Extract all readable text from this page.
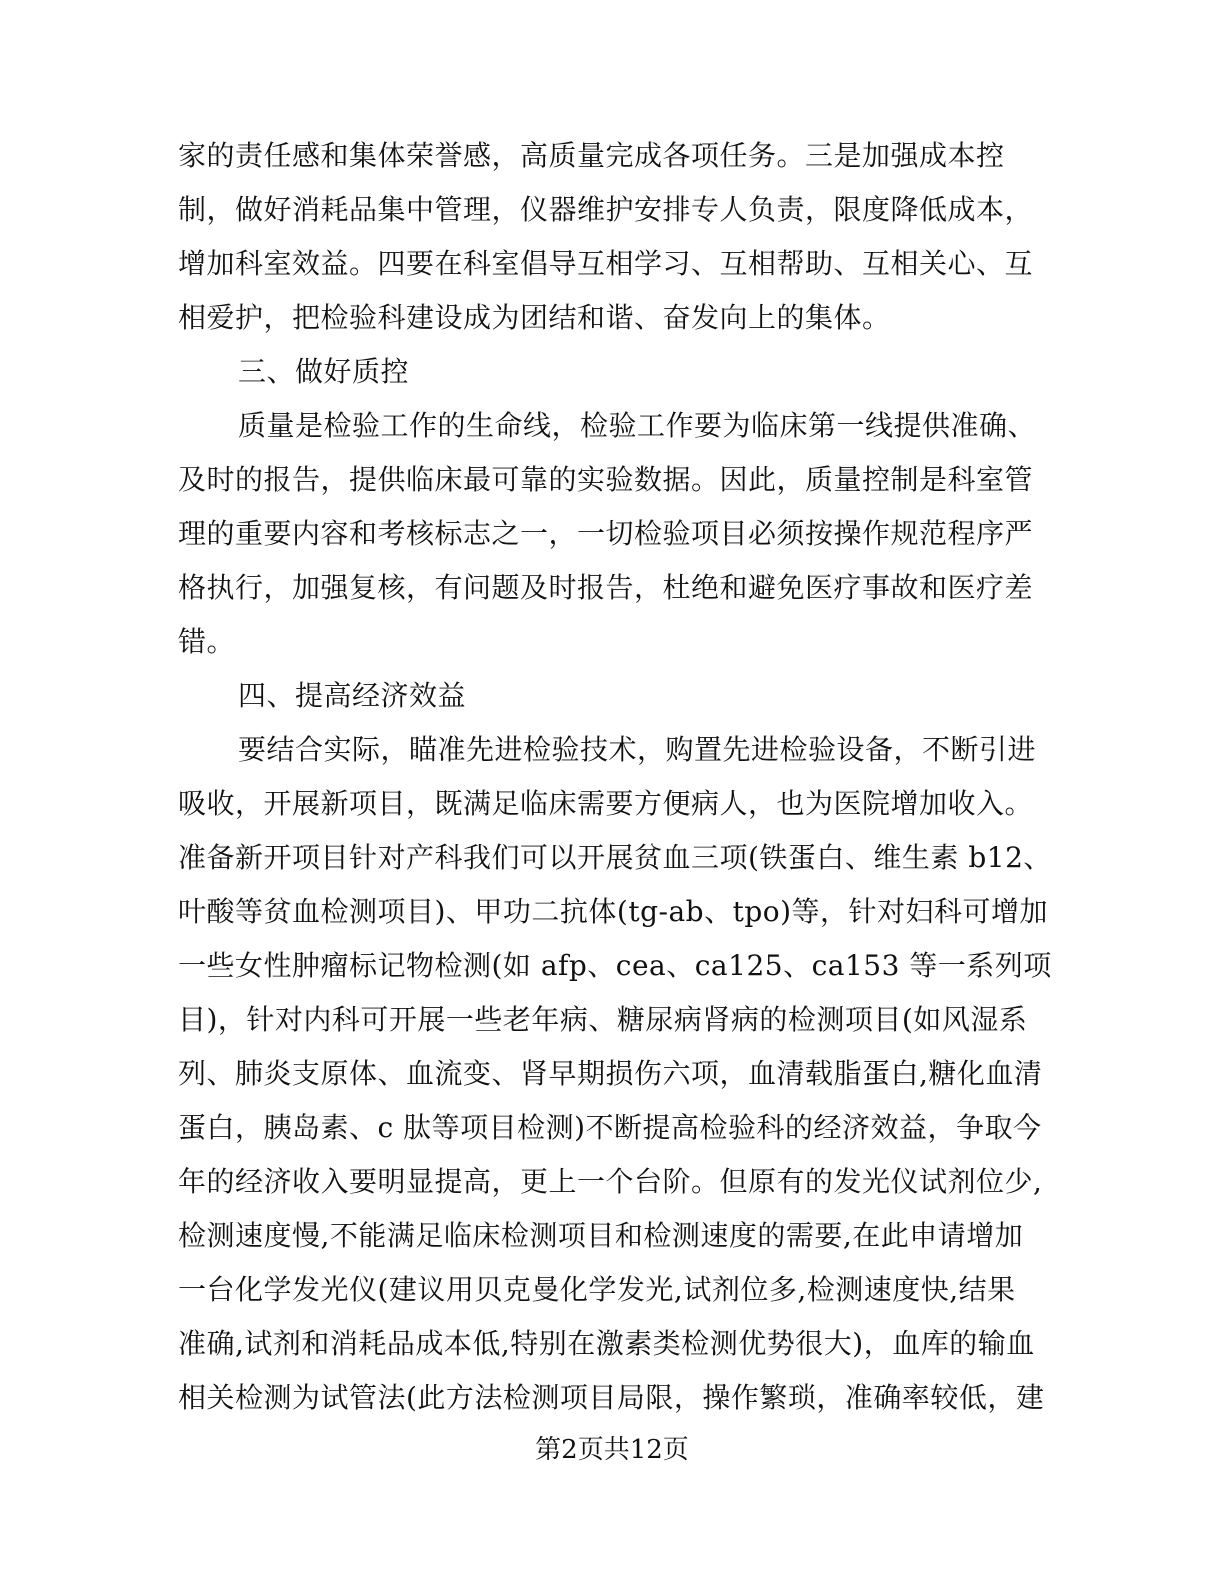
家的责任感和集体荣誉感，高质量完成各项任务。三是加强成本控
制，做好消耗品集中管理，仪器维护安排专人负责，限度降低成本，
增加科室效益。四要在科室倡导互相学习、互相帮助、互相关心、互
相爱护，把检验科建设成为团结和谐、奋发向上的集体。
三、做好质控
质量是检验工作的生命线，检验工作要为临床第一线提供准确、
及时的报告，提供临床最可靠的实验数据。因此，质量控制是科室管
理的重要内容和考核标志之一，一切检验项目必须按操作规范程序严
格执行，加强复核，有问题及时报告，杜绝和避免医疗事故和医疗差
错。
四、提高经济效益
要结合实际，瞄准先进检验技术，购置先进检验设备，不断引进
吸收，开展新项目，既满足临床需要方便病人，也为医院增加收入。
准备新开项目针对产科我们可以开展贫血三项(铁蛋白、维生素 b12、
叶酸等贫血检测项目)、甲功二抗体(tg-ab、tpo)等，针对妇科可增加
一些女性肿瘤标记物检测(如 afp、cea、ca125、ca153 等一系列项
目)，针对内科可开展一些老年病、糖尿病肾病的检测项目(如风湿系
列、肺炎支原体、血流变、肾早期损伤六项，血清载脂蛋白,糖化血清
蛋白，胰岛素、c 肽等项目检测)不断提高检验科的经济效益，争取今
年的经济收入要明显提高，更上一个台阶。但原有的发光仪试剂位少,
检测速度慢,不能满足临床检测项目和检测速度的需要,在此申请增加
一台化学发光仪(建议用贝克曼化学发光,试剂位多,检测速度快,结果
准确,试剂和消耗品成本低,特别在激素类检测优势很大)，血库的输血
相关检测为试管法(此方法检测项目局限，操作繁琐，准确率较低，建
第2页共12页
